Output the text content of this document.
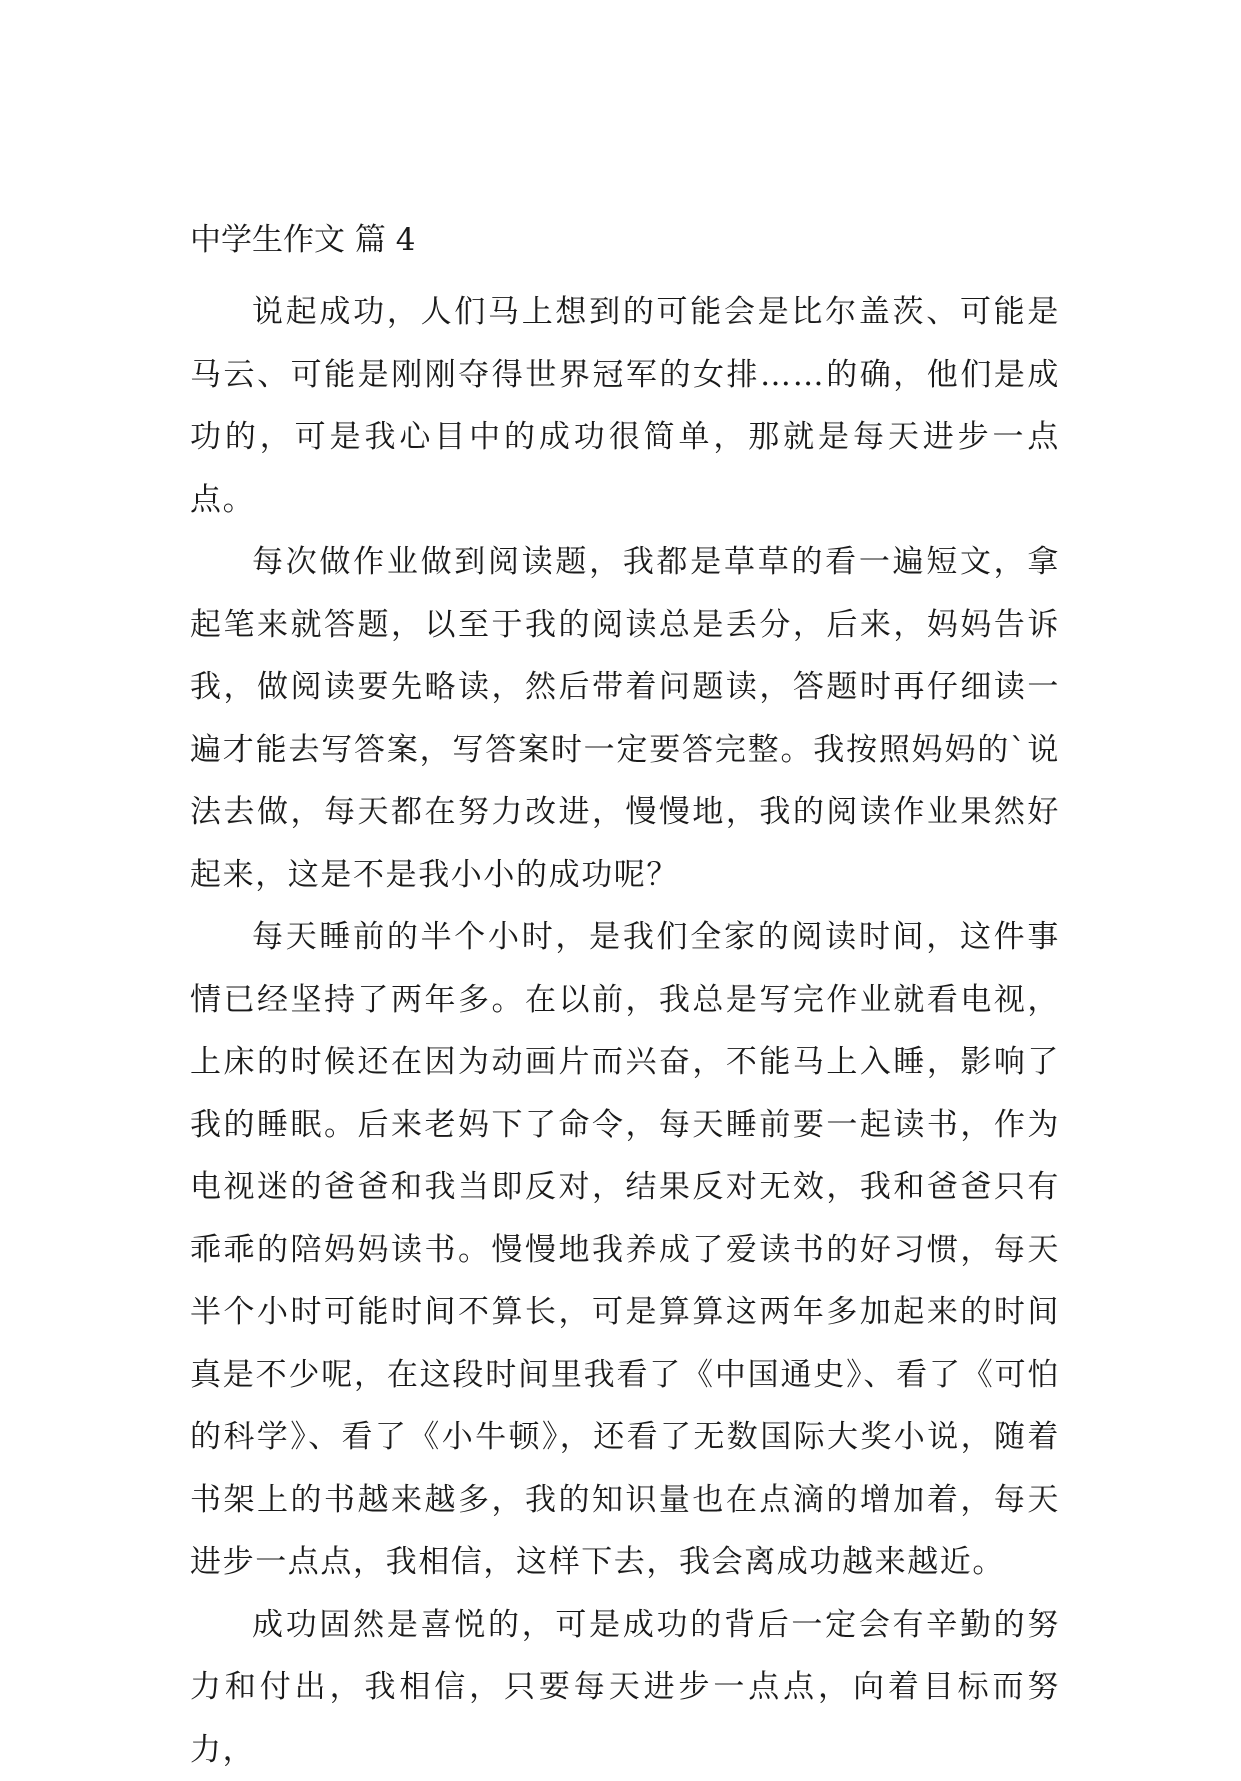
中学生作文 篇 4

说起成功，人们马上想到的可能会是比尔盖茨、可能是马云、可能是刚刚夺得世界冠军的女排……的确，他们是成功的，可是我心目中的成功很简单，那就是每天进步一点点。

每次做作业做到阅读题，我都是草草的看一遍短文，拿起笔来就答题，以至于我的阅读总是丢分，后来，妈妈告诉我，做阅读要先略读，然后带着问题读，答题时再仔细读一遍才能去写答案，写答案时一定要答完整。我按照妈妈的`说法去做，每天都在努力改进，慢慢地，我的阅读作业果然好起来，这是不是我小小的成功呢？

每天睡前的半个小时，是我们全家的阅读时间，这件事情已经坚持了两年多。在以前，我总是写完作业就看电视，上床的时候还在因为动画片而兴奋，不能马上入睡，影响了我的睡眠。后来老妈下了命令，每天睡前要一起读书，作为电视迷的爸爸和我当即反对，结果反对无效，我和爸爸只有乖乖的陪妈妈读书。慢慢地我养成了爱读书的好习惯，每天半个小时可能时间不算长，可是算算这两年多加起来的时间真是不少呢，在这段时间里我看了《中国通史》、看了《可怕的科学》、看了《小牛顿》，还看了无数国际大奖小说，随着书架上的书越来越多，我的知识量也在点滴的增加着，每天进步一点点，我相信，这样下去，我会离成功越来越近。

成功固然是喜悦的，可是成功的背后一定会有辛勤的努力和付出，我相信，只要每天进步一点点，向着目标而努力，
